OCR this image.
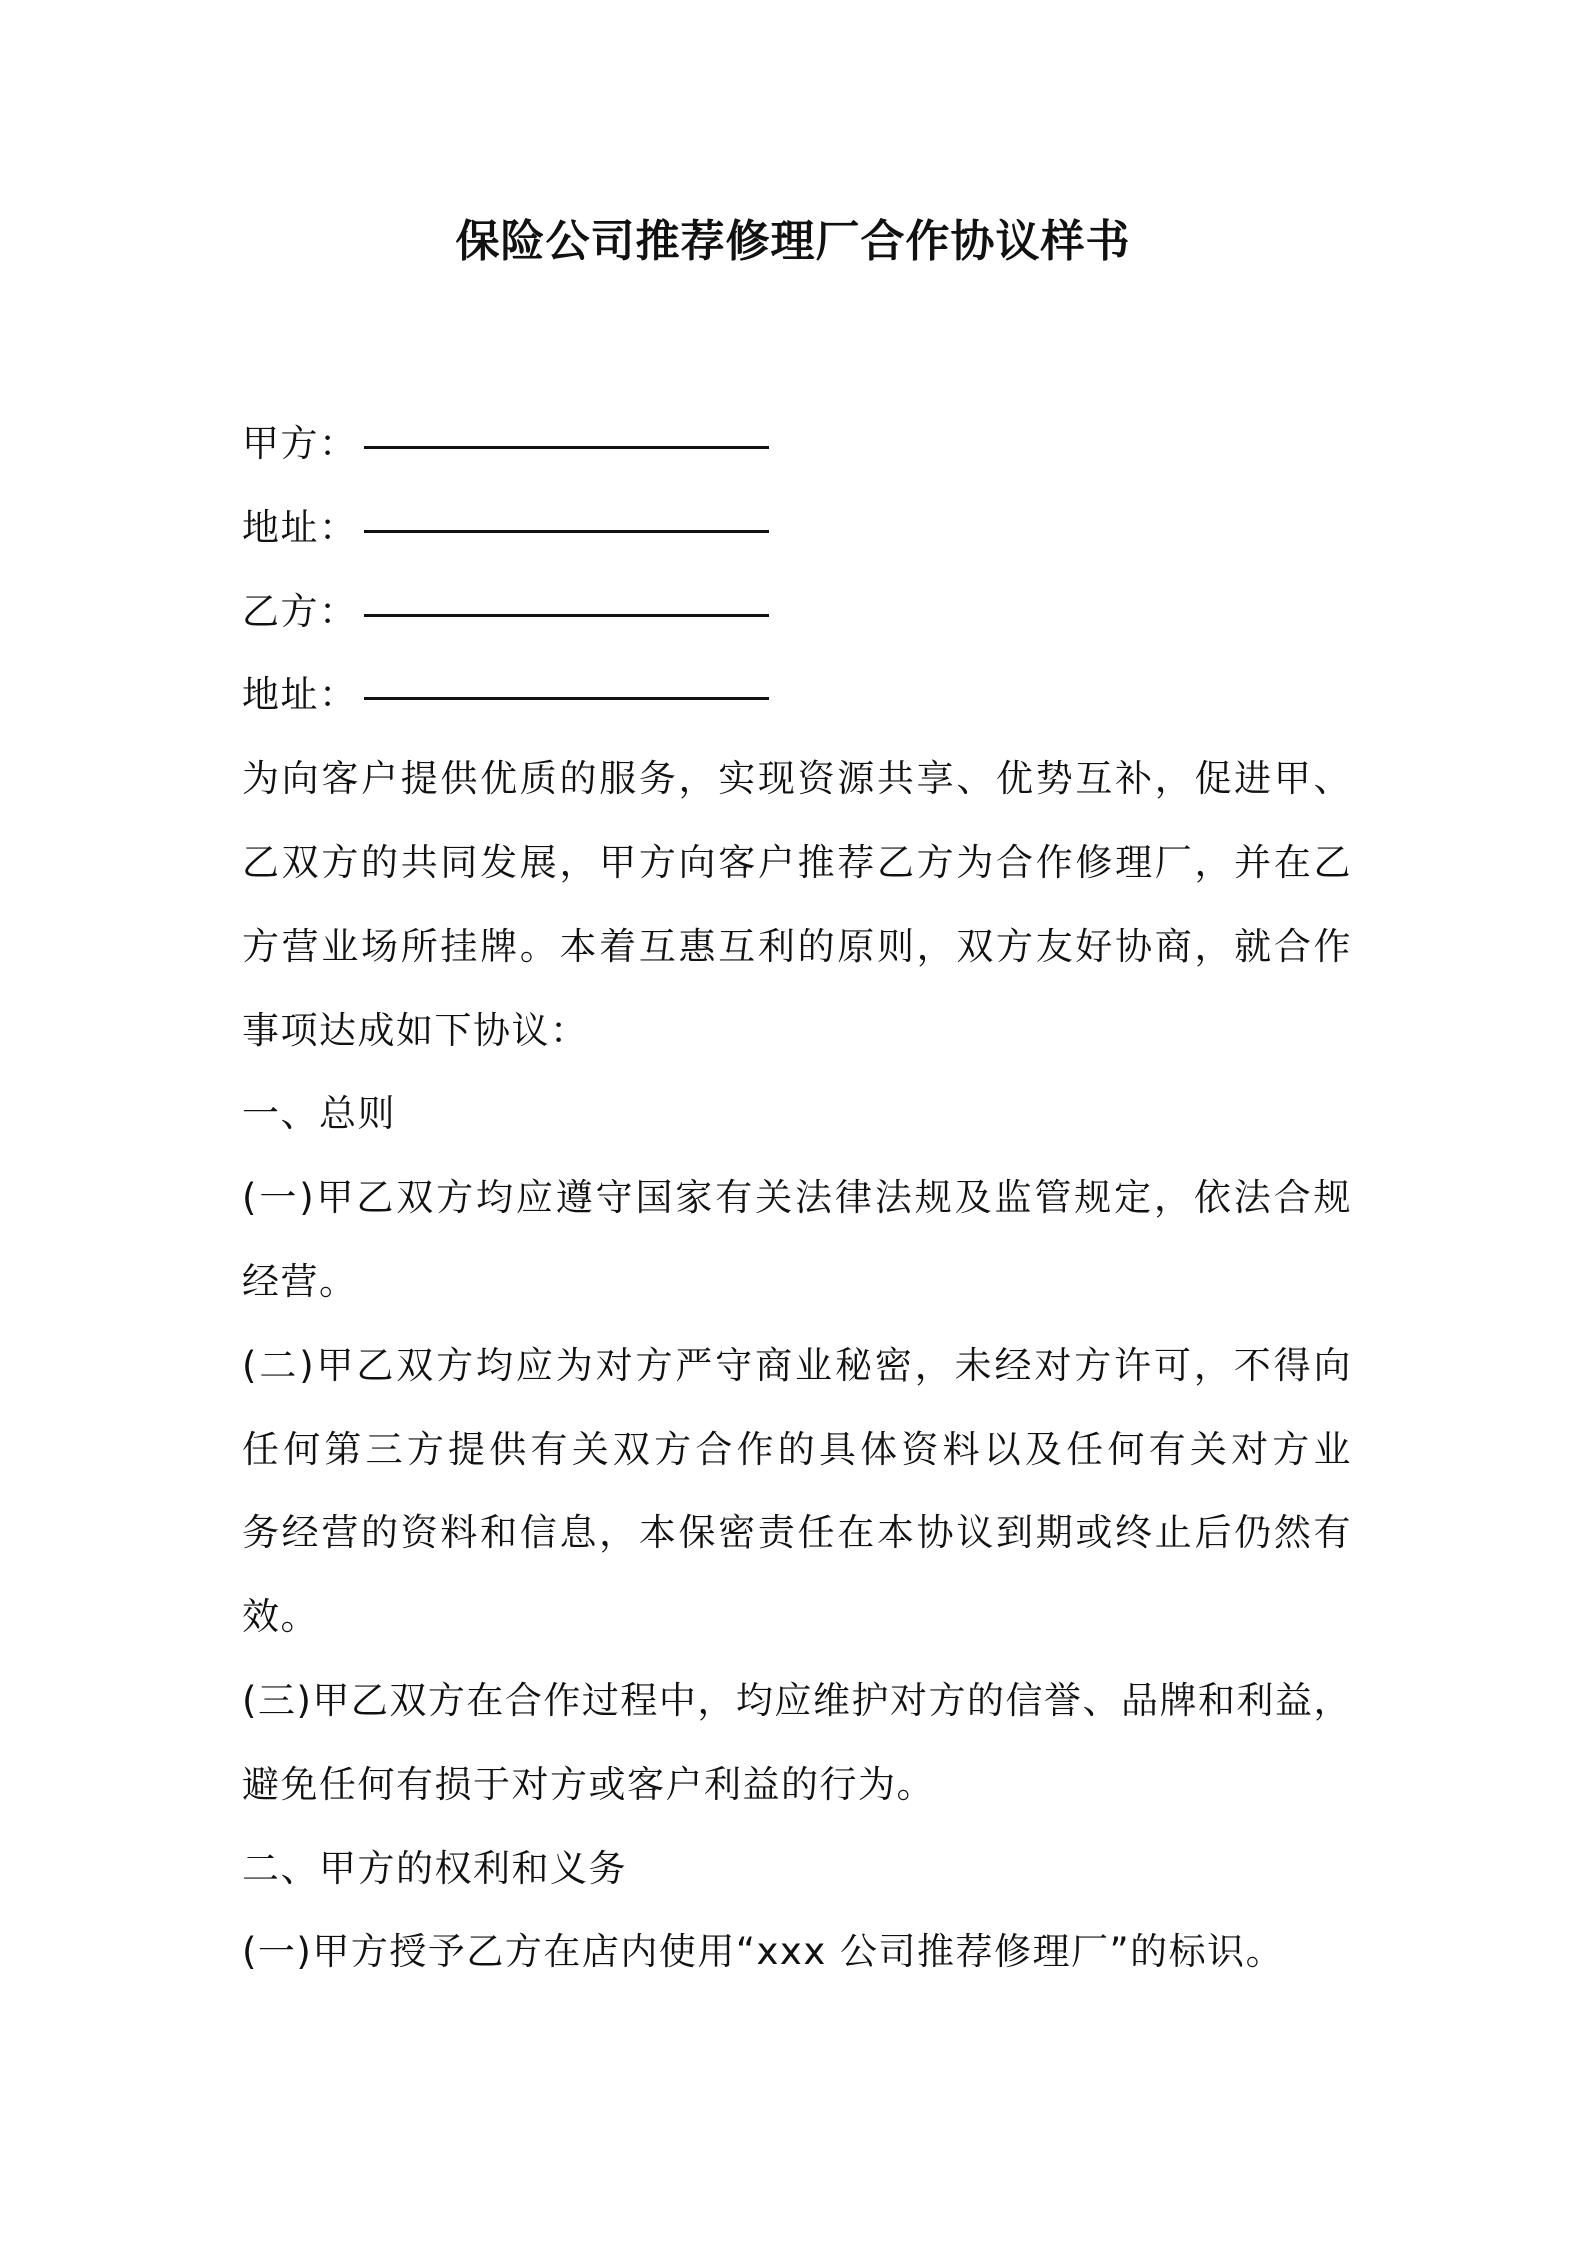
保险公司推荐修理厂合作协议样书
甲方：
地址：
乙方：
地址：
为向客户提供优质的服务，实现资源共享、优势互补，促进甲、
乙双方的共同发展，甲方向客户推荐乙方为合作修理厂，并在乙
方营业场所挂牌。本着互惠互利的原则，双方友好协商，就合作
事项达成如下协议：
一、总则
(一)甲乙双方均应遵守国家有关法律法规及监管规定，依法合规
经营。
(二)甲乙双方均应为对方严守商业秘密，未经对方许可，不得向
任何第三方提供有关双方合作的具体资料以及任何有关对方业
务经营的资料和信息，本保密责任在本协议到期或终止后仍然有
效。
(三)甲乙双方在合作过程中，均应维护对方的信誉、品牌和利益，
避免任何有损于对方或客户利益的行为。
二、甲方的权利和义务
(一)甲方授予乙方在店内使用“xxx 公司推荐修理厂”的标识。
